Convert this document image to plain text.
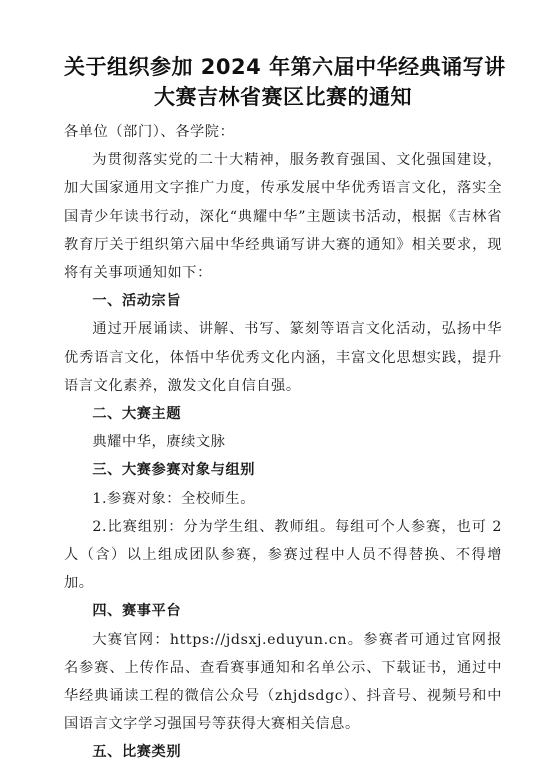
关于组织参加 2024 年第六届中华经典诵写讲
大赛吉林省赛区比赛的通知

各单位（部门）、各学院：

为贯彻落实党的二十大精神，服务教育强国、文化强国建设，加大国家通用文字推广力度，传承发展中华优秀语言文化，落实全国青少年读书行动，深化“典耀中华”主题读书活动，根据《吉林省教育厅关于组织第六届中华经典诵写讲大赛的通知》相关要求，现将有关事项通知如下：

一、活动宗旨

通过开展诵读、讲解、书写、篆刻等语言文化活动，弘扬中华优秀语言文化，体悟中华优秀文化内涵，丰富文化思想实践，提升语言文化素养，激发文化自信自强。

二、大赛主题

典耀中华，赓续文脉

三、大赛参赛对象与组别

1.参赛对象：全校师生。

2.比赛组别：分为学生组、教师组。每组可个人参赛，也可 2 人（含）以上组成团队参赛，参赛过程中人员不得替换、不得增加。

四、赛事平台

大赛官网：https://jdsxj.eduyun.cn。参赛者可通过官网报名参赛、上传作品、查看赛事通知和名单公示、下载证书，通过中华经典诵读工程的微信公众号（zhjdsdgc）、抖音号、视频号和中国语言文字学习强国号等获得大赛相关信息。

五、比赛类别
